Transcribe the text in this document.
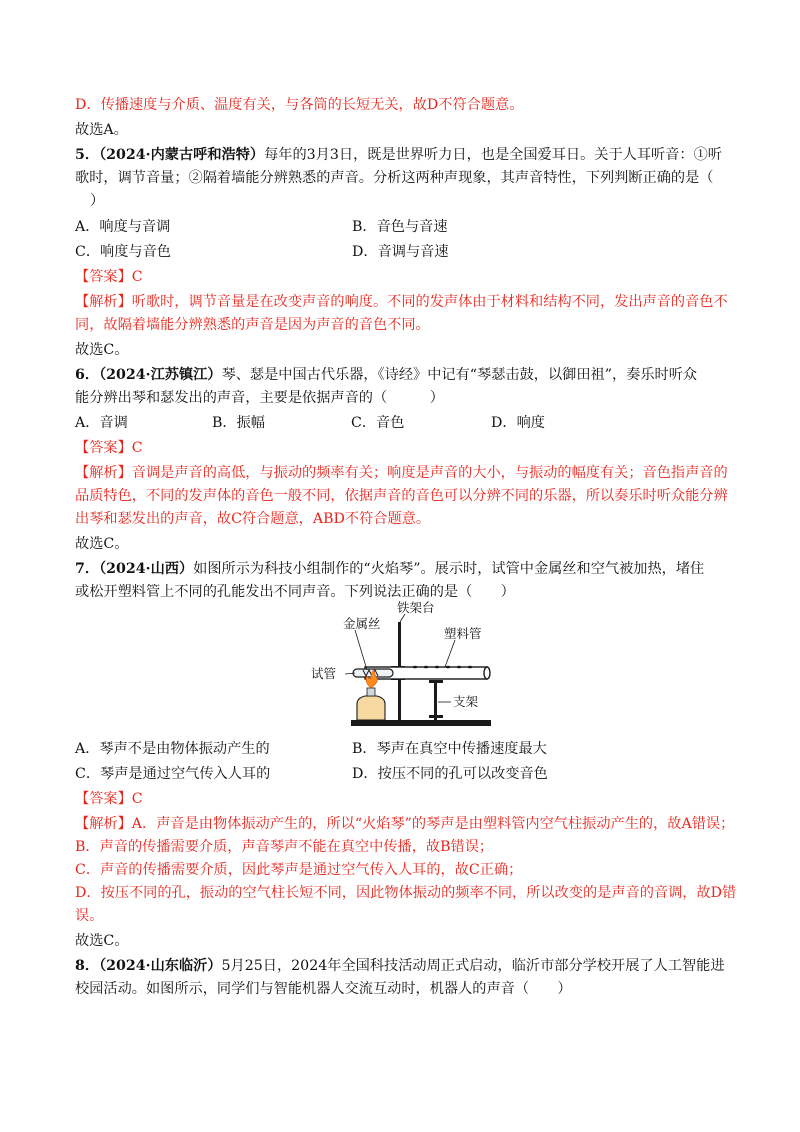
D．传播速度与介质、温度有关，与各筒的长短无关，故D不符合题意。
故选A。
5．（2024·内蒙古呼和浩特）每年的3月3日，既是世界听力日，也是全国爱耳日。关于人耳听音：①听
歌时，调节音量；②隔着墙能分辨熟悉的声音。分析这两种声现象，其声音特性，下列判断正确的是（
）
A．响度与音调	B．音色与音速
C．响度与音色	D．音调与音速
【答案】C
【解析】听歌时，调节音量是在改变声音的响度。不同的发声体由于材料和结构不同，发出声音的音色不
同，故隔着墙能分辨熟悉的声音是因为声音的音色不同。
故选C。
6．（2024·江苏镇江）琴、瑟是中国古代乐器，《诗经》中记有“琴瑟击鼓，以御田祖”，奏乐时听众
能分辨出琴和瑟发出的声音，主要是依据声音的（　　　）
A．音调	B．振幅	C．音色	D．响度
【答案】C
【解析】音调是声音的高低，与振动的频率有关；响度是声音的大小，与振动的幅度有关；音色指声音的
品质特色，不同的发声体的音色一般不同，依据声音的音色可以分辨不同的乐器，所以奏乐时听众能分辨
出琴和瑟发出的声音，故C符合题意，ABD不符合题意。
故选C。
7．（2024·山西）如图所示为科技小组制作的“火焰琴”。展示时，试管中金属丝和空气被加热，堵住
或松开塑料管上不同的孔能发出不同声音。下列说法正确的是（　　）
铁架台
金属丝
塑料管
试管
支架
A．琴声不是由物体振动产生的	B．琴声在真空中传播速度最大
C．琴声是通过空气传入人耳的	D．按压不同的孔可以改变音色
【答案】C
【解析】A．声音是由物体振动产生的，所以“火焰琴”的琴声是由塑料管内空气柱振动产生的，故A错误；
B．声音的传播需要介质，声音琴声不能在真空中传播，故B错误；
C．声音的传播需要介质，因此琴声是通过空气传入人耳的，故C正确；
D．按压不同的孔，振动的空气柱长短不同，因此物体振动的频率不同，所以改变的是声音的音调，故D错
误。
故选C。
8．（2024·山东临沂）5月25日，2024年全国科技活动周正式启动，临沂市部分学校开展了人工智能进
校园活动。如图所示，同学们与智能机器人交流互动时，机器人的声音（　　）
